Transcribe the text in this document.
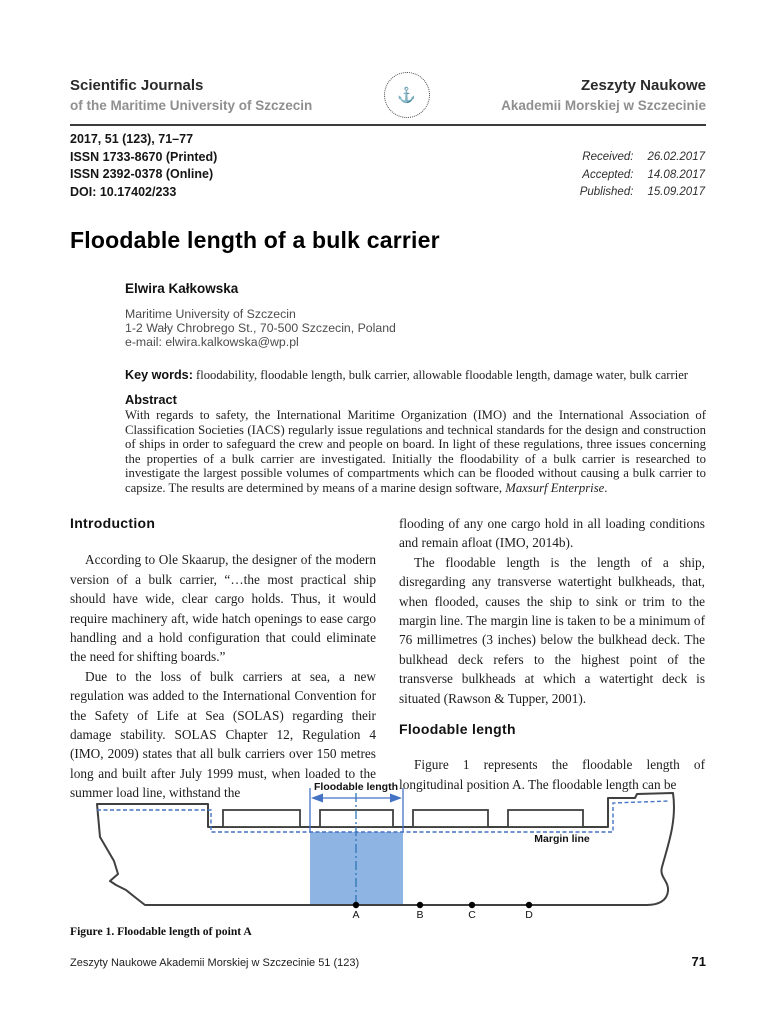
Scientific Journals
of the Maritime University of Szczecin
⚓
Zeszyty Naukowe
Akademii Morskiej w Szczecinie
2017, 51 (123), 71–77
ISSN 1733-8670 (Printed)
ISSN 2392-0378 (Online)
DOI: 10.17402/233
Received: 26.02.2017
Accepted: 14.08.2017
Published: 15.09.2017
Floodable length of a bulk carrier
Elwira Kałkowska
Maritime University of Szczecin
1-2 Wały Chrobrego St., 70-500 Szczecin, Poland
e-mail: elwira.kalkowska@wp.pl
Key words: floodability, floodable length, bulk carrier, allowable floodable length, damage water, bulk carrier
Abstract
With regards to safety, the International Maritime Organization (IMO) and the International Association of Classification Societies (IACS) regularly issue regulations and technical standards for the design and construction of ships in order to safeguard the crew and people on board. In light of these regulations, three issues concerning the properties of a bulk carrier are investigated. Initially the floodability of a bulk carrier is researched to investigate the largest possible volumes of compartments which can be flooded without causing a bulk carrier to capsize. The results are determined by means of a marine design software, Maxsurf Enterprise.
Introduction

According to Ole Skaarup, the designer of the modern version of a bulk carrier, “…the most practical ship should have wide, clear cargo holds. Thus, it would require machinery aft, wide hatch openings to ease cargo handling and a hold configuration that could eliminate the need for shifting boards.”

Due to the loss of bulk carriers at sea, a new regulation was added to the International Convention for the Safety of Life at Sea (SOLAS) regarding their damage stability. SOLAS Chapter 12, Regulation 4 (IMO, 2009) states that all bulk carriers over 150 metres long and built after July 1999 must, when loaded to the summer load line, withstand the

flooding of any one cargo hold in all loading conditions and remain afloat (IMO, 2014b).

The floodable length is the length of a ship, disregarding any transverse watertight bulkheads, that, when flooded, causes the ship to sink or trim to the margin line. The margin line is taken to be a minimum of 76 millimetres (3 inches) below the bulkhead deck. The bulkhead deck refers to the highest point of the transverse bulkheads at which a watertight deck is situated (Rawson & Tupper, 2001).

Floodable length

Figure 1 represents the floodable length of longitudinal position A. The floodable length can be

Floodable length
Margin line
A	B	C	D
Figure 1. Floodable length of point A
Zeszyty Naukowe Akademii Morskiej w Szczecinie 51 (123)	71
